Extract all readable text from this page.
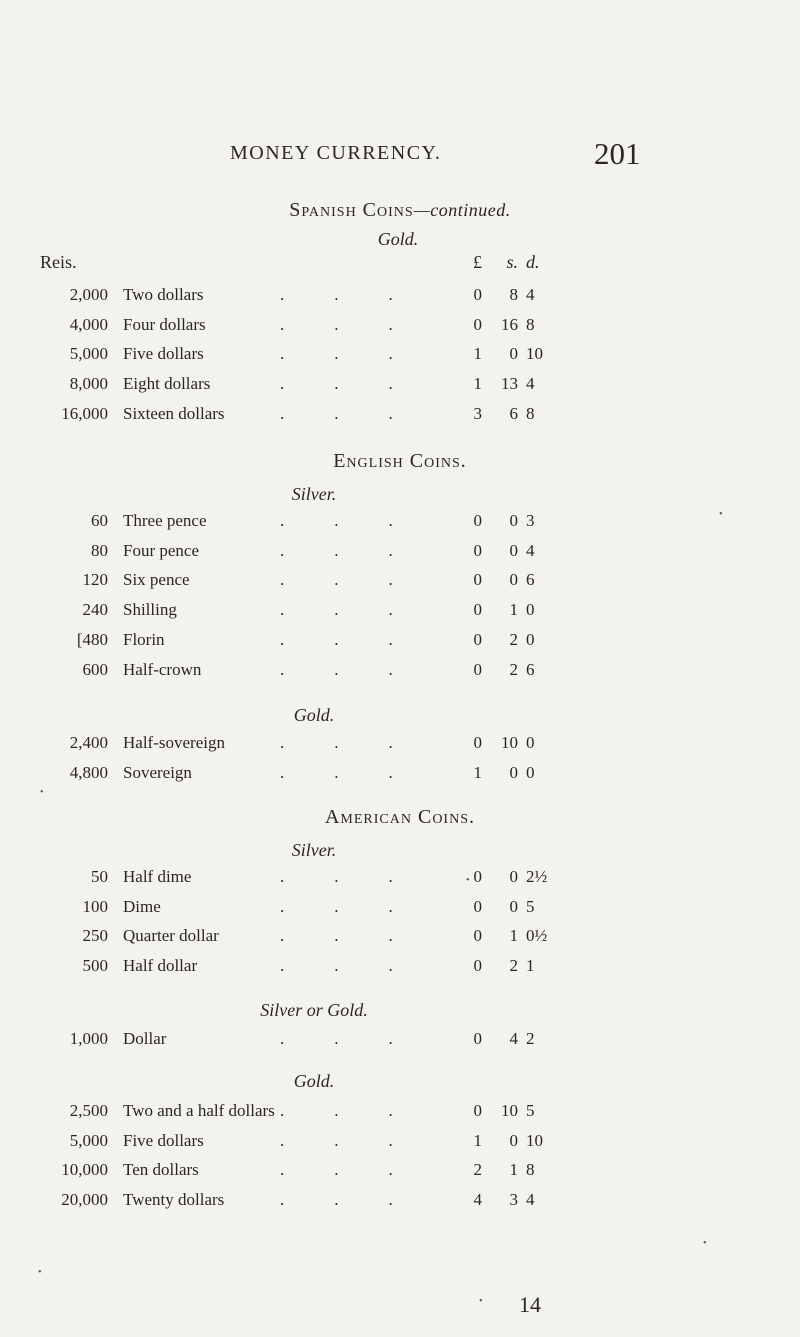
MONEY CURRENCY.	201
Spanish Coins—continued.
Gold.
Reis.	£	s. d.
2,000 Two dollars	0	8 4
...
4,000 Four dollars	0	16 8
...
5,000 Five dollars	1	0 10
...
8,000 Eight dollars	1	13 4
...
16,000 Sixteen dollars	3	6 8
...
English Coins.
Silver.
60 Three pence	0	0 3
...
80 Four pence	0	0 4
...
120 Six pence	0	0 6
...
240 Shilling	0	1 0
...
[480 Florin	0	2 0
...
600 Half-crown	0	2 6
...
Gold.
2,400 Half-sovereign	0	10 0
...
4,800 Sovereign	1	0 0
...
American Coins.
Silver.
50 Half dime	0	0 2½
...
100 Dime	0	0 5
...
250 Quarter dollar	0	1 0½
...
500 Half dollar	0	2 1
...
Silver or Gold.
1,000 Dollar	0	4 2
...
Gold.
2,500 Two and a half dollars	0	10 5
...
5,000 Five dollars	1	0 10
...
10,000 Ten dollars	2	1 8
...
20,000 Twenty dollars	4	3 4
...
14
•
•
•
•
•
•
